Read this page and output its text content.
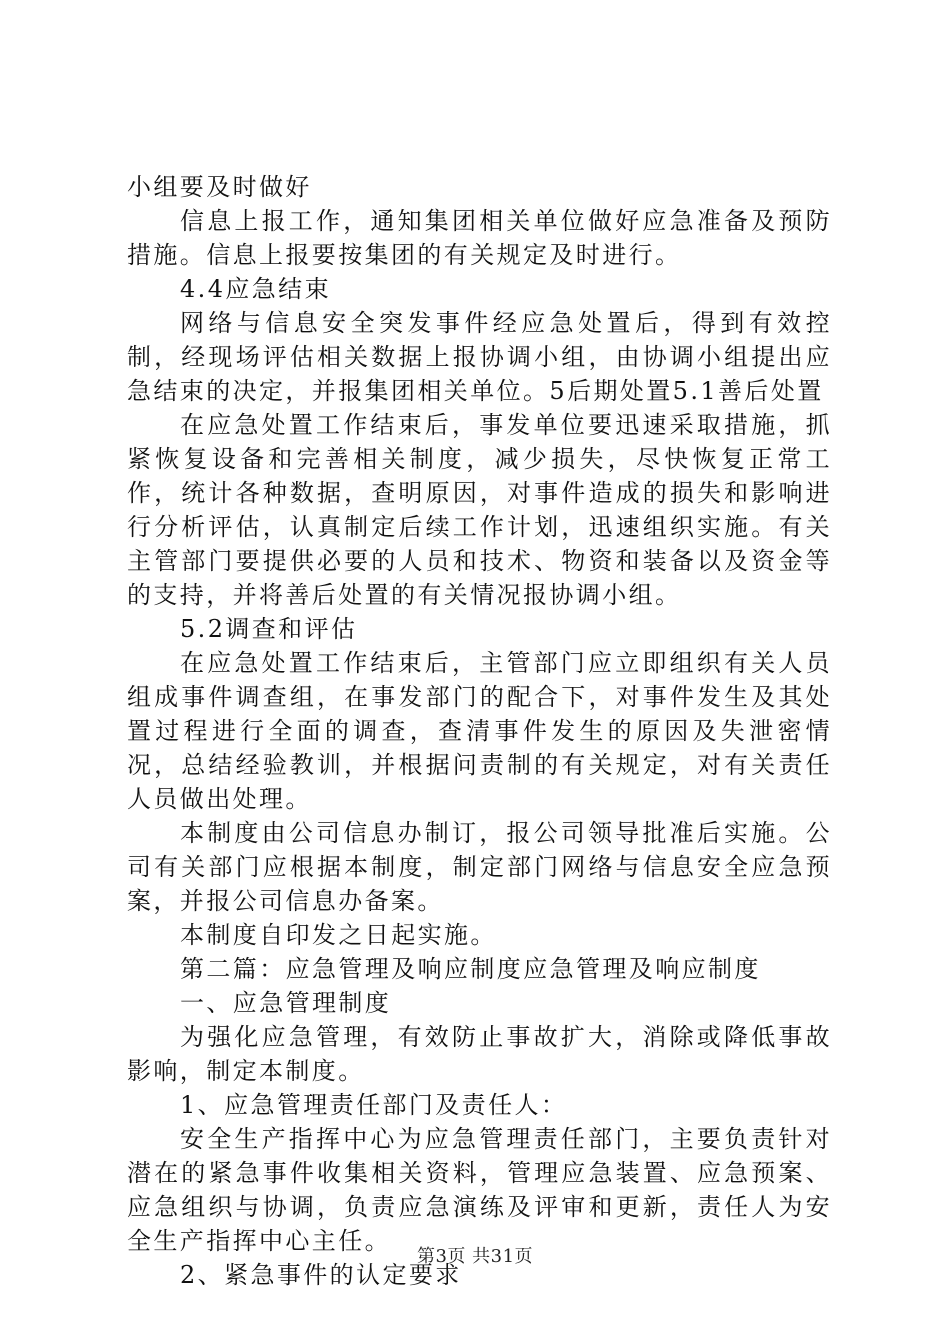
小组要及时做好

信息上报工作，通知集团相关单位做好应急准备及预防措施。信息上报要按集团的有关规定及时进行。

4.4应急结束

网络与信息安全突发事件经应急处置后，得到有效控制，经现场评估相关数据上报协调小组，由协调小组提出应急结束的决定，并报集团相关单位。5后期处置5.1善后处置

在应急处置工作结束后，事发单位要迅速采取措施，抓紧恢复设备和完善相关制度，减少损失，尽快恢复正常工作，统计各种数据，查明原因，对事件造成的损失和影响进行分析评估，认真制定后续工作计划，迅速组织实施。有关主管部门要提供必要的人员和技术、物资和装备以及资金等的支持，并将善后处置的有关情况报协调小组。

5.2调查和评估

在应急处置工作结束后，主管部门应立即组织有关人员组成事件调查组，在事发部门的配合下，对事件发生及其处置过程进行全面的调查，查清事件发生的原因及失泄密情况，总结经验教训，并根据问责制的有关规定，对有关责任人员做出处理。

本制度由公司信息办制订，报公司领导批准后实施。公司有关部门应根据本制度，制定部门网络与信息安全应急预案，并报公司信息办备案。

本制度自印发之日起实施。

第二篇：应急管理及响应制度应急管理及响应制度

一、应急管理制度

为强化应急管理，有效防止事故扩大，消除或降低事故影响，制定本制度。

1、应急管理责任部门及责任人：

安全生产指挥中心为应急管理责任部门，主要负责针对潜在的紧急事件收集相关资料，管理应急装置、应急预案、应急组织与协调，负责应急演练及评审和更新，责任人为安全生产指挥中心主任。

2、紧急事件的认定要求

第3页 共31页
